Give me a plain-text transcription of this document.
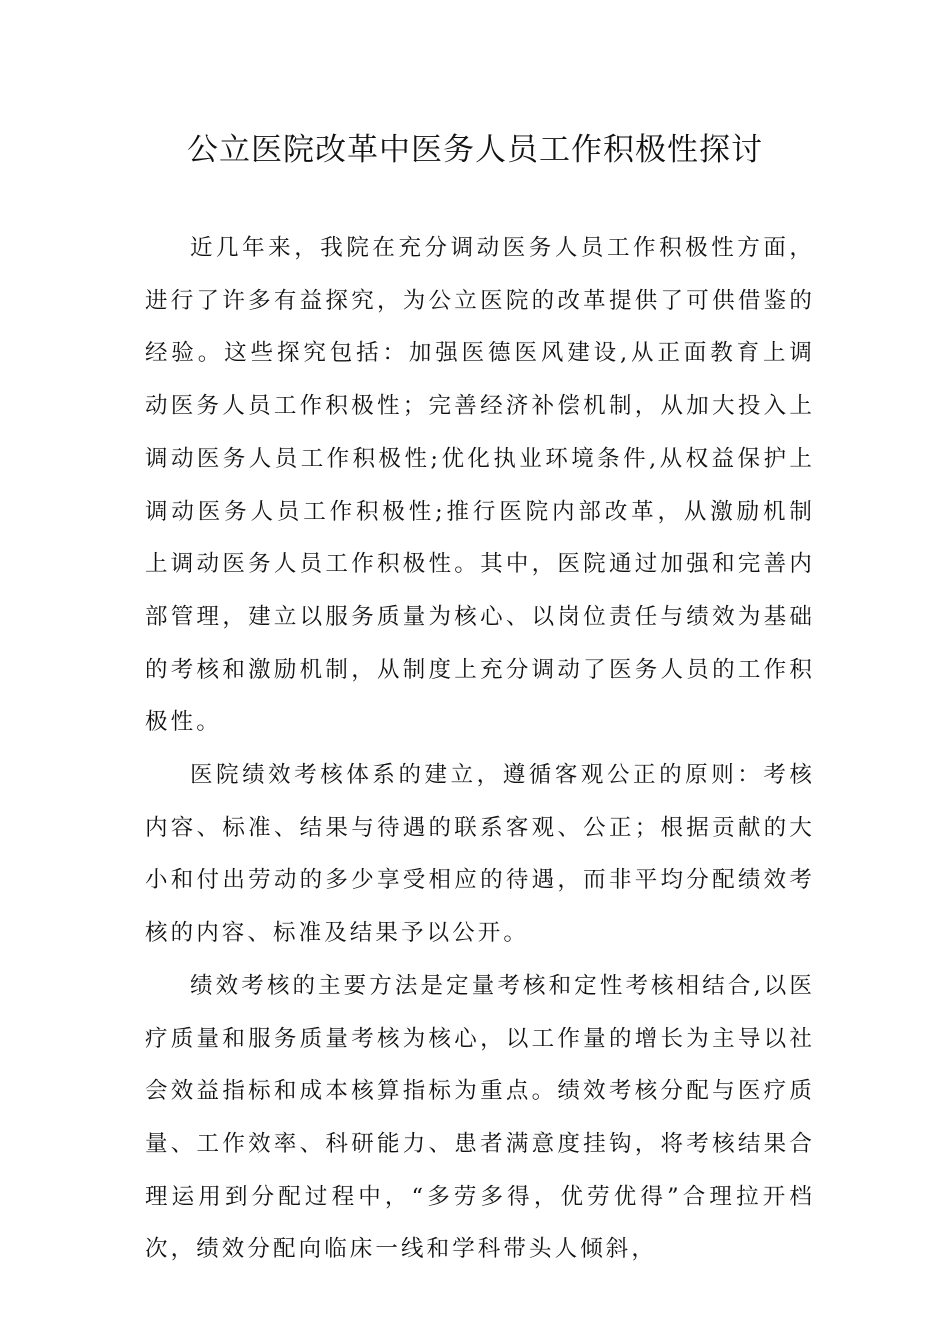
公立医院改革中医务人员工作积极性探讨

近几年来，我院在充分调动医务人员工作积极性方面，进行了许多有益探究，为公立医院的改革提供了可供借鉴的经验。这些探究包括：加强医德医风建设,从正面教育上调动医务人员工作积极性；完善经济补偿机制，从加大投入上调动医务人员工作积极性;优化执业环境条件,从权益保护上调动医务人员工作积极性;推行医院内部改革，从激励机制上调动医务人员工作积极性。其中，医院通过加强和完善内部管理，建立以服务质量为核心、以岗位责任与绩效为基础的考核和激励机制，从制度上充分调动了医务人员的工作积极性。

医院绩效考核体系的建立，遵循客观公正的原则：考核内容、标准、结果与待遇的联系客观、公正；根据贡献的大小和付出劳动的多少享受相应的待遇，而非平均分配绩效考核的内容、标准及结果予以公开。

绩效考核的主要方法是定量考核和定性考核相结合,以医疗质量和服务质量考核为核心，以工作量的增长为主导以社会效益指标和成本核算指标为重点。绩效考核分配与医疗质量、工作效率、科研能力、患者满意度挂钩，将考核结果合理运用到分配过程中，“多劳多得，优劳优得”合理拉开档次，绩效分配向临床一线和学科带头人倾斜，
